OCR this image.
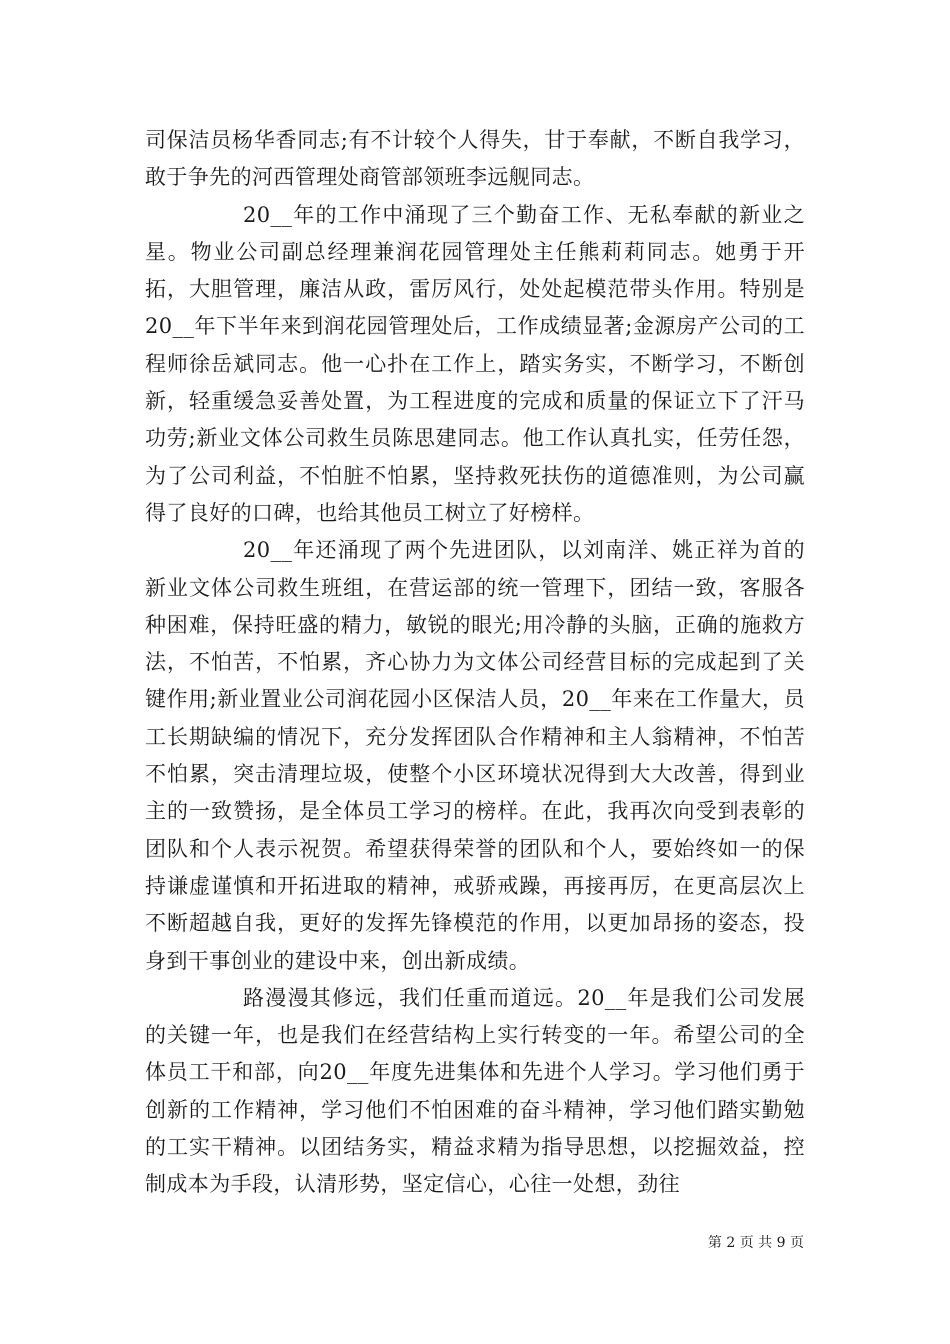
司保洁员杨华香同志;有不计较个人得失，甘于奉献，不断自我学习，敢于争先的河西管理处商管部领班李远舰同志。

20__年的工作中涌现了三个勤奋工作、无私奉献的新业之星。物业公司副总经理兼润花园管理处主任熊莉莉同志。她勇于开拓，大胆管理，廉洁从政，雷厉风行，处处起模范带头作用。特别是20__年下半年来到润花园管理处后，工作成绩显著;金源房产公司的工程师徐岳斌同志。他一心扑在工作上，踏实务实，不断学习，不断创新，轻重缓急妥善处置，为工程进度的完成和质量的保证立下了汗马功劳;新业文体公司救生员陈思建同志。他工作认真扎实，任劳任怨，为了公司利益，不怕脏不怕累，坚持救死扶伤的道德准则，为公司赢得了良好的口碑，也给其他员工树立了好榜样。

20__年还涌现了两个先进团队，以刘南洋、姚正祥为首的新业文体公司救生班组，在营运部的统一管理下，团结一致，客服各种困难，保持旺盛的精力，敏锐的眼光;用冷静的头脑，正确的施救方法，不怕苦，不怕累，齐心协力为文体公司经营目标的完成起到了关键作用;新业置业公司润花园小区保洁人员，20__年来在工作量大，员工长期缺编的情况下，充分发挥团队合作精神和主人翁精神，不怕苦不怕累，突击清理垃圾，使整个小区环境状况得到大大改善，得到业主的一致赞扬，是全体员工学习的榜样。在此，我再次向受到表彰的团队和个人表示祝贺。希望获得荣誉的团队和个人，要始终如一的保持谦虚谨慎和开拓进取的精神，戒骄戒躁，再接再厉，在更高层次上不断超越自我，更好的发挥先锋模范的作用，以更加昂扬的姿态，投身到干事创业的建设中来，创出新成绩。

路漫漫其修远，我们任重而道远。20__年是我们公司发展的关键一年，也是我们在经营结构上实行转变的一年。希望公司的全体员工干和部，向20__年度先进集体和先进个人学习。学习他们勇于创新的工作精神，学习他们不怕困难的奋斗精神，学习他们踏实勤勉的工实干精神。以团结务实，精益求精为指导思想，以挖掘效益，控制成本为手段，认清形势，坚定信心，心往一处想，劲往

第 2 页 共 9 页
